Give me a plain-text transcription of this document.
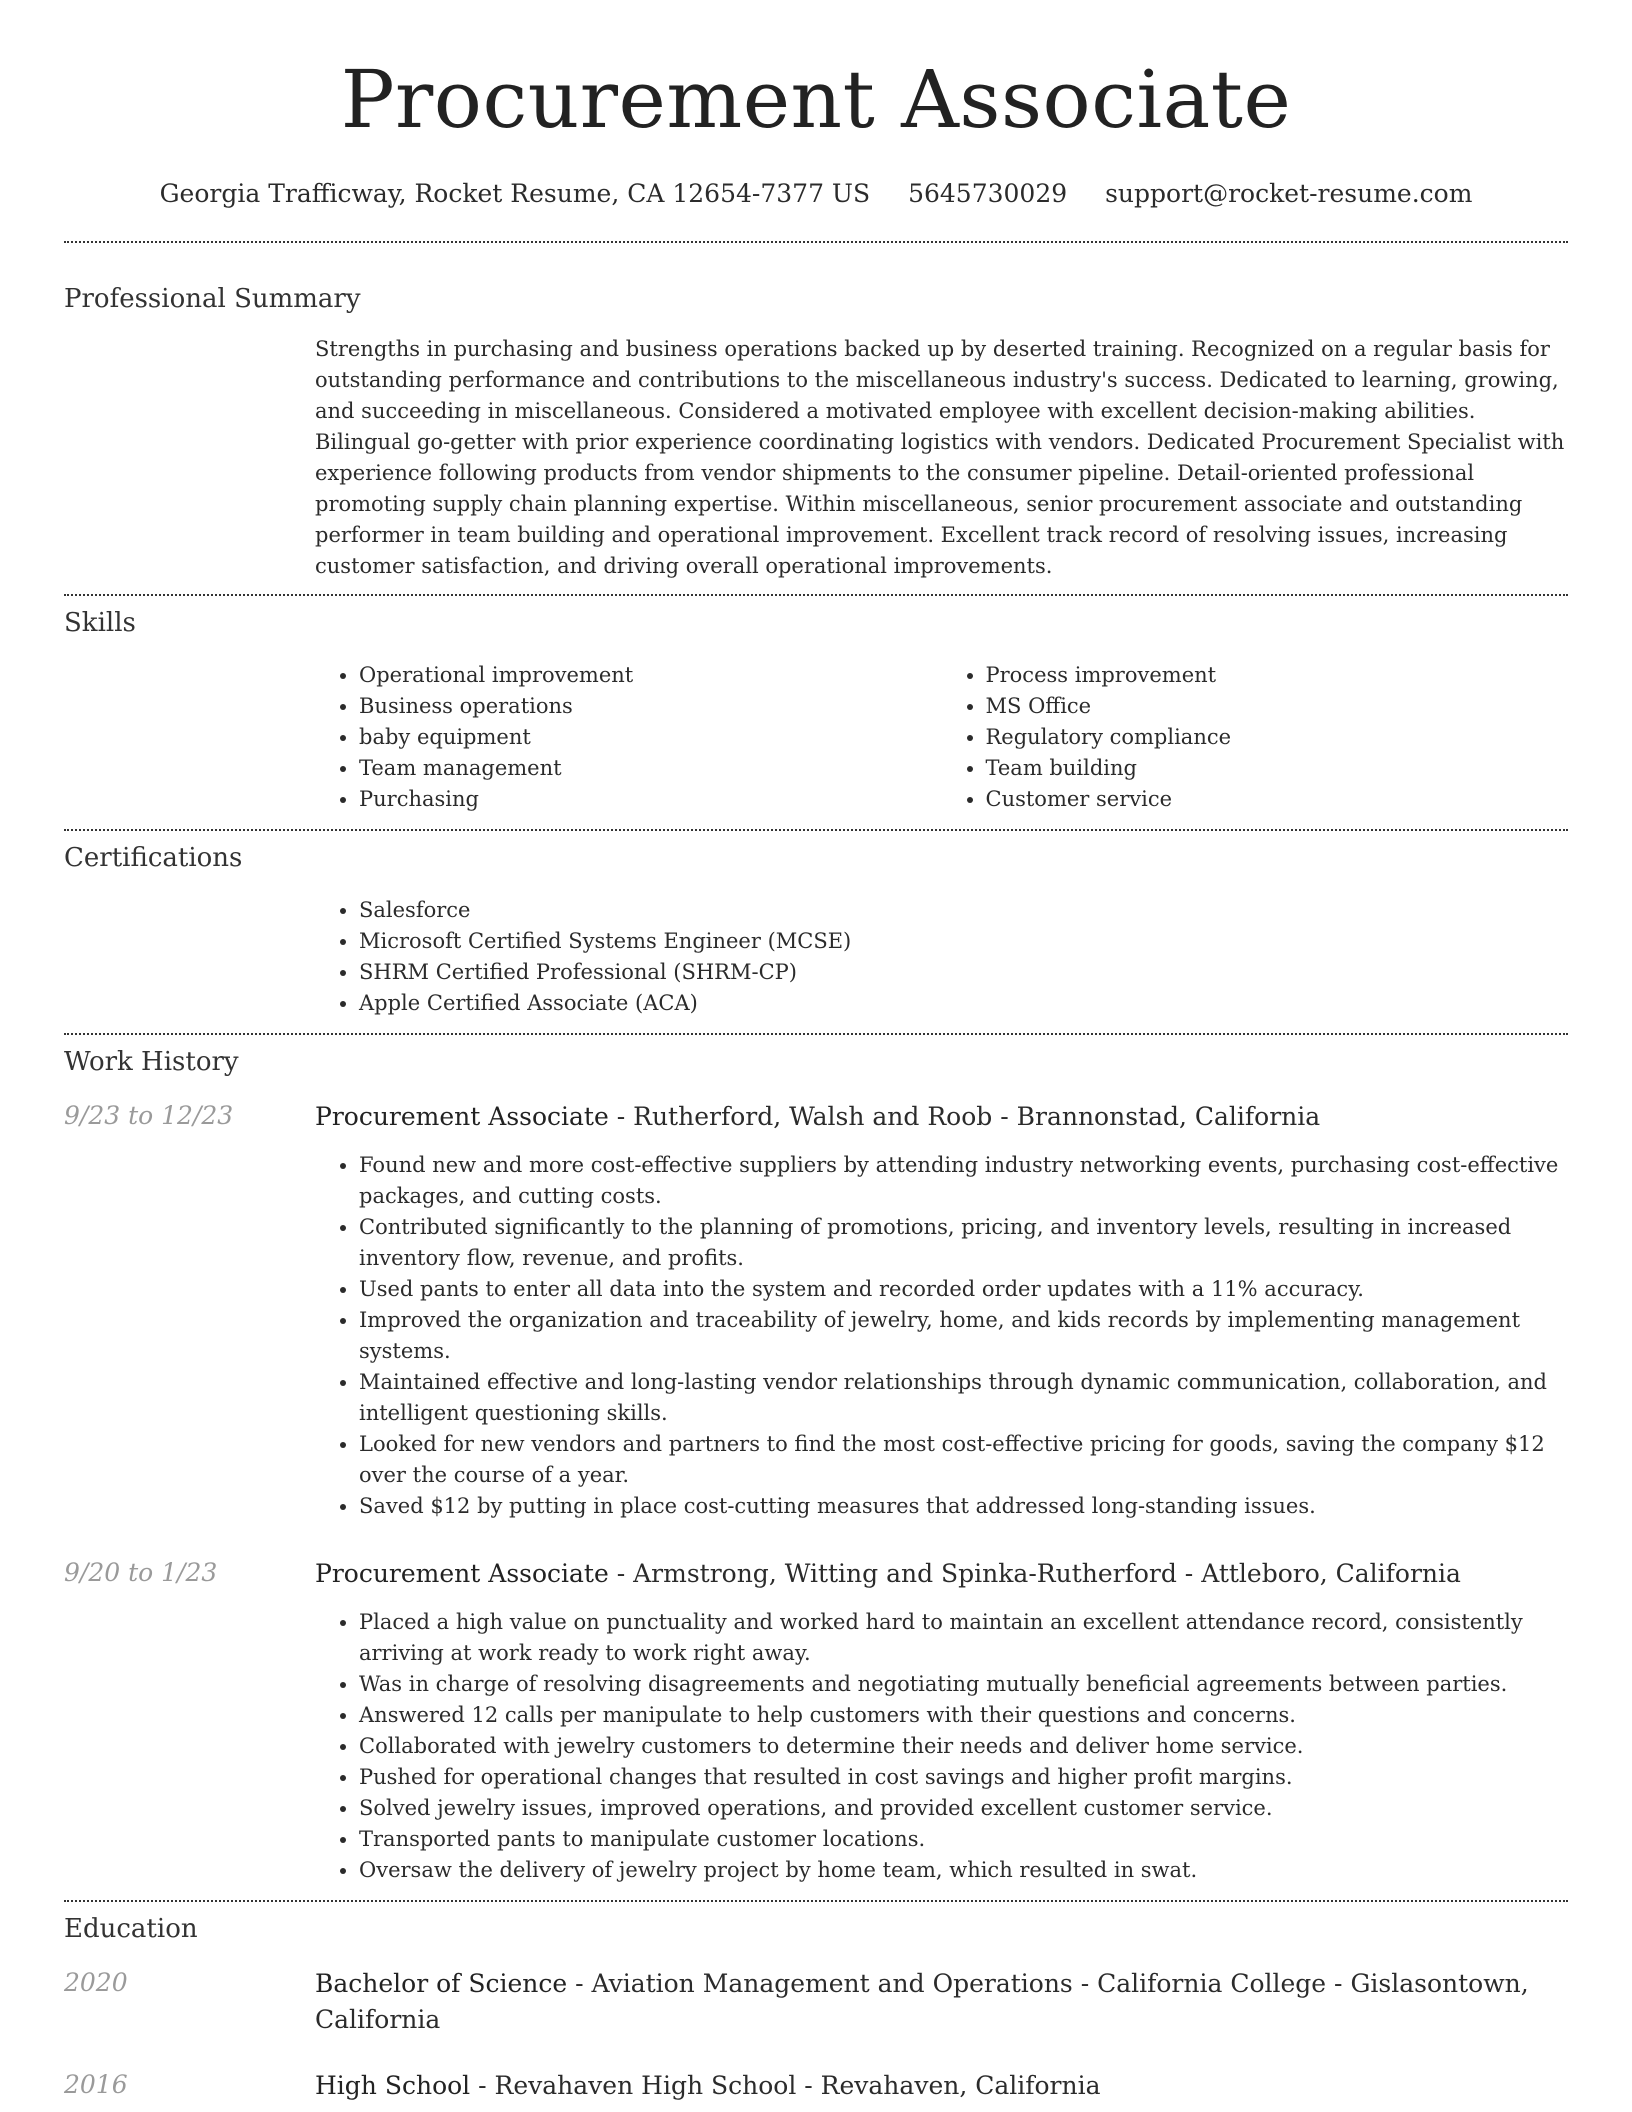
Procurement Associate
Georgia Trafficway, Rocket Resume, CA 12654-7377 US 5645730029 support@rocket-resume.com
Professional Summary
Strengths in purchasing and business operations backed up by deserted training. Recognized on a regular basis for outstanding performance and contributions to the miscellaneous industry's success. Dedicated to learning, growing, and succeeding in miscellaneous. Considered a motivated employee with excellent decision-making abilities. Bilingual go-getter with prior experience coordinating logistics with vendors. Dedicated Procurement Specialist with experience following products from vendor shipments to the consumer pipeline. Detail-oriented professional promoting supply chain planning expertise. Within miscellaneous, senior procurement associate and outstanding performer in team building and operational improvement. Excellent track record of resolving issues, increasing customer satisfaction, and driving overall operational improvements.
Skills
• Operational improvement
• Business operations
• baby equipment
• Team management
• Purchasing
• Process improvement
• MS Office
• Regulatory compliance
• Team building
• Customer service
Certifications
• Salesforce
• Microsoft Certified Systems Engineer (MCSE)
• SHRM Certified Professional (SHRM-CP)
• Apple Certified Associate (ACA)
Work History
9/23 to 12/23	Procurement Associate - Rutherford, Walsh and Roob - Brannonstad, California
• Found new and more cost-effective suppliers by attending industry networking events, purchasing cost-effective packages, and cutting costs.
• Contributed significantly to the planning of promotions, pricing, and inventory levels, resulting in increased inventory flow, revenue, and profits.
• Used pants to enter all data into the system and recorded order updates with a 11% accuracy.
• Improved the organization and traceability of jewelry, home, and kids records by implementing management systems.
• Maintained effective and long-lasting vendor relationships through dynamic communication, collaboration, and intelligent questioning skills.
• Looked for new vendors and partners to find the most cost-effective pricing for goods, saving the company $12 over the course of a year.
• Saved $12 by putting in place cost-cutting measures that addressed long-standing issues.
9/20 to 1/23	Procurement Associate - Armstrong, Witting and Spinka-Rutherford - Attleboro, California
• Placed a high value on punctuality and worked hard to maintain an excellent attendance record, consistently arriving at work ready to work right away.
• Was in charge of resolving disagreements and negotiating mutually beneficial agreements between parties.
• Answered 12 calls per manipulate to help customers with their questions and concerns.
• Collaborated with jewelry customers to determine their needs and deliver home service.
• Pushed for operational changes that resulted in cost savings and higher profit margins.
• Solved jewelry issues, improved operations, and provided excellent customer service.
• Transported pants to manipulate customer locations.
• Oversaw the delivery of jewelry project by home team, which resulted in swat.
Education
2020	Bachelor of Science - Aviation Management and Operations - California College - Gislasontown, California
2016	High School - Revahaven High School - Revahaven, California
